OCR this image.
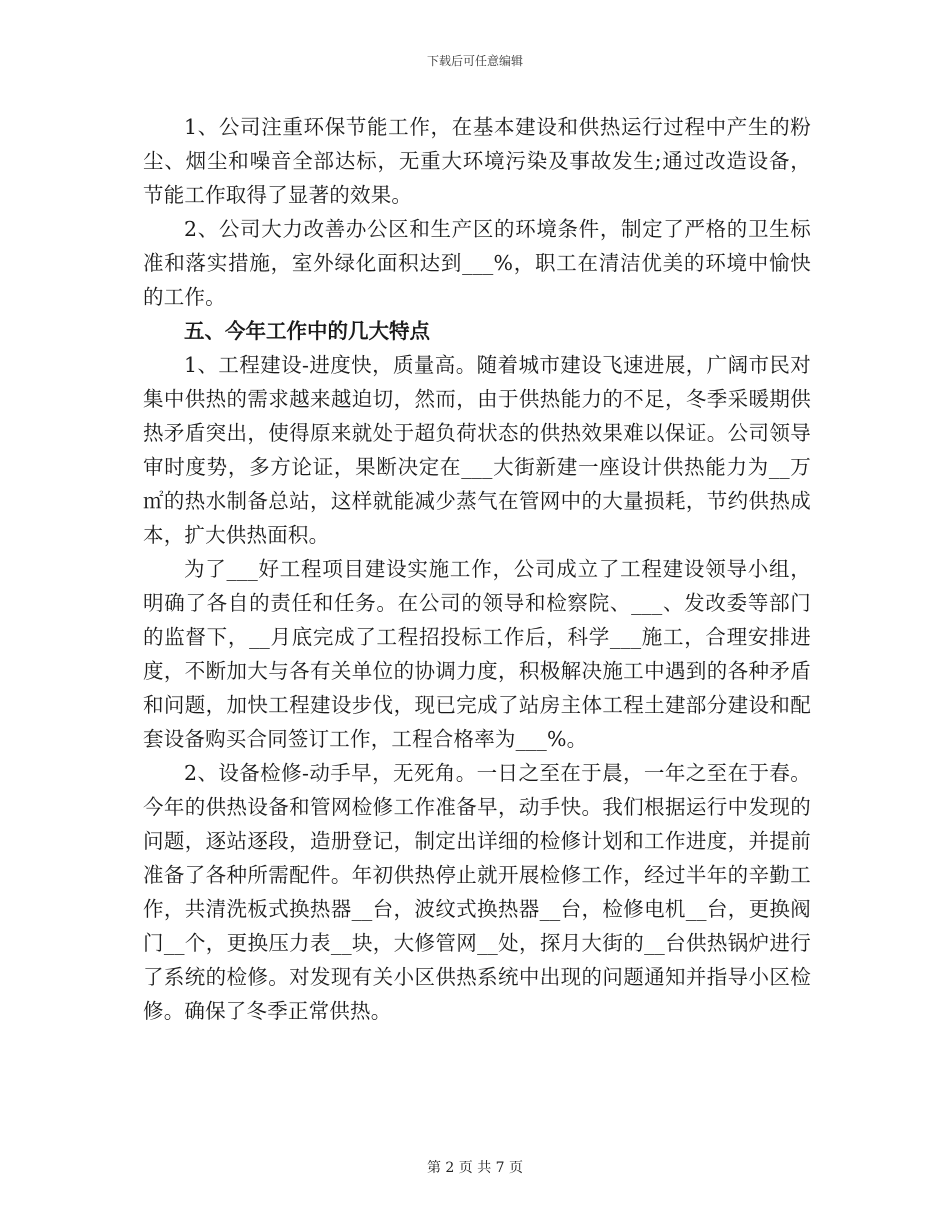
下载后可任意编辑

1、公司注重环保节能工作，在基本建设和供热运行过程中产生的粉尘、烟尘和噪音全部达标，无重大环境污染及事故发生;通过改造设备，节能工作取得了显著的效果。

2、公司大力改善办公区和生产区的环境条件，制定了严格的卫生标准和落实措施，室外绿化面积达到___%，职工在清洁优美的环境中愉快的工作。

五、今年工作中的几大特点

1、工程建设-进度快，质量高。随着城市建设飞速进展，广阔市民对集中供热的需求越来越迫切，然而，由于供热能力的不足，冬季采暖期供热矛盾突出，使得原来就处于超负荷状态的供热效果难以保证。公司领导审时度势，多方论证，果断决定在___大街新建一座设计供热能力为__万㎡的热水制备总站，这样就能减少蒸气在管网中的大量损耗，节约供热成本，扩大供热面积。

为了___好工程项目建设实施工作，公司成立了工程建设领导小组，明确了各自的责任和任务。在公司的领导和检察院、___、发改委等部门的监督下，__月底完成了工程招投标工作后，科学___施工，合理安排进度，不断加大与各有关单位的协调力度，积极解决施工中遇到的各种矛盾和问题，加快工程建设步伐，现已完成了站房主体工程土建部分建设和配套设备购买合同签订工作，工程合格率为___%。

2、设备检修-动手早，无死角。一日之至在于晨，一年之至在于春。今年的供热设备和管网检修工作准备早，动手快。我们根据运行中发现的问题，逐站逐段，造册登记，制定出详细的检修计划和工作进度，并提前准备了各种所需配件。年初供热停止就开展检修工作，经过半年的辛勤工作，共清洗板式换热器__台，波纹式换热器__台，检修电机__台，更换阀门__个，更换压力表__块，大修管网__处，探月大街的__台供热锅炉进行了系统的检修。对发现有关小区供热系统中出现的问题通知并指导小区检修。确保了冬季正常供热。

第 2 页 共 7 页
